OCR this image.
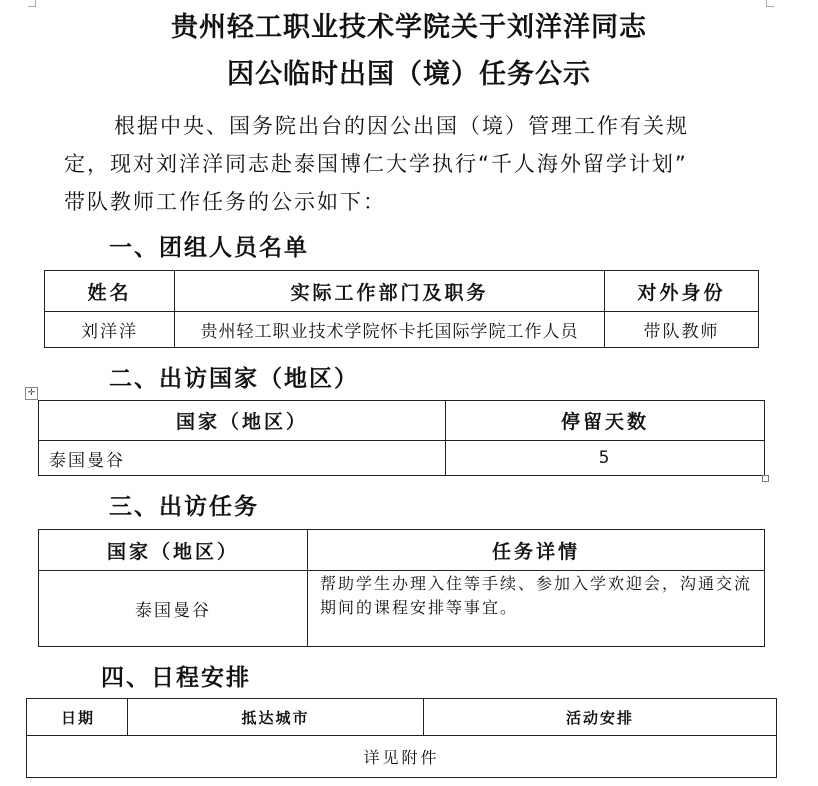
贵州轻工职业技术学院关于刘洋洋同志
因公临时出国（境）任务公示
根据中央、国务院出台的因公出国（境）管理工作有关规
定，现对刘洋洋同志赴泰国博仁大学执行“千人海外留学计划”
带队教师工作任务的公示如下：
一、团组人员名单
姓名	实际工作部门及职务	对外身份
刘洋洋	贵州轻工职业技术学院怀卡托国际学院工作人员	带队教师
二、出访国家（地区）
✛
国家（地区）	停留天数
泰国曼谷	5
三、出访任务
国家（地区）	任务详情
泰国曼谷	帮助学生办理入住等手续、参加入学欢迎会，沟通交流期间的课程安排等事宜。
四、日程安排
日期	抵达城市	活动安排
详见附件
